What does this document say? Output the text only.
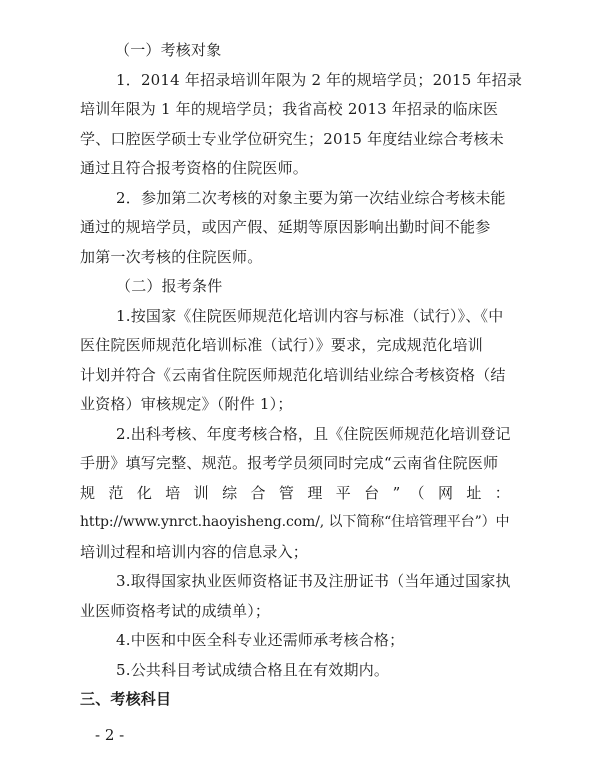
（一）考核对象
1．2014 年招录培训年限为 2 年的规培学员；2015 年招录
培训年限为 1 年的规培学员；我省高校 2013 年招录的临床医
学、口腔医学硕士专业学位研究生；2015 年度结业综合考核未
通过且符合报考资格的住院医师。
2．参加第二次考核的对象主要为第一次结业综合考核未能
通过的规培学员，或因产假、延期等原因影响出勤时间不能参
加第一次考核的住院医师。
（二）报考条件
1.按国家《住院医师规范化培训内容与标准（试行）》、《中
医住院医师规范化培训标准（试行）》要求，完成规范化培训
计划并符合《云南省住院医师规范化培训结业综合考核资格（结
业资格）审核规定》（附件 1）；
2.出科考核、年度考核合格，且《住院医师规范化培训登记
手册》填写完整、规范。报考学员须同时完成“云南省住院医师
规 范 化 培 训 综 合 管 理 平 台 ” （ 网 址 ：
http://www.ynrct.haoyisheng.com/, 以下简称“住培管理平台”）中
培训过程和培训内容的信息录入；
3.取得国家执业医师资格证书及注册证书（当年通过国家执
业医师资格考试的成绩单）；
4.中医和中医全科专业还需师承考核合格；
5.公共科目考试成绩合格且在有效期内。
三、考核科目
- 2 -
